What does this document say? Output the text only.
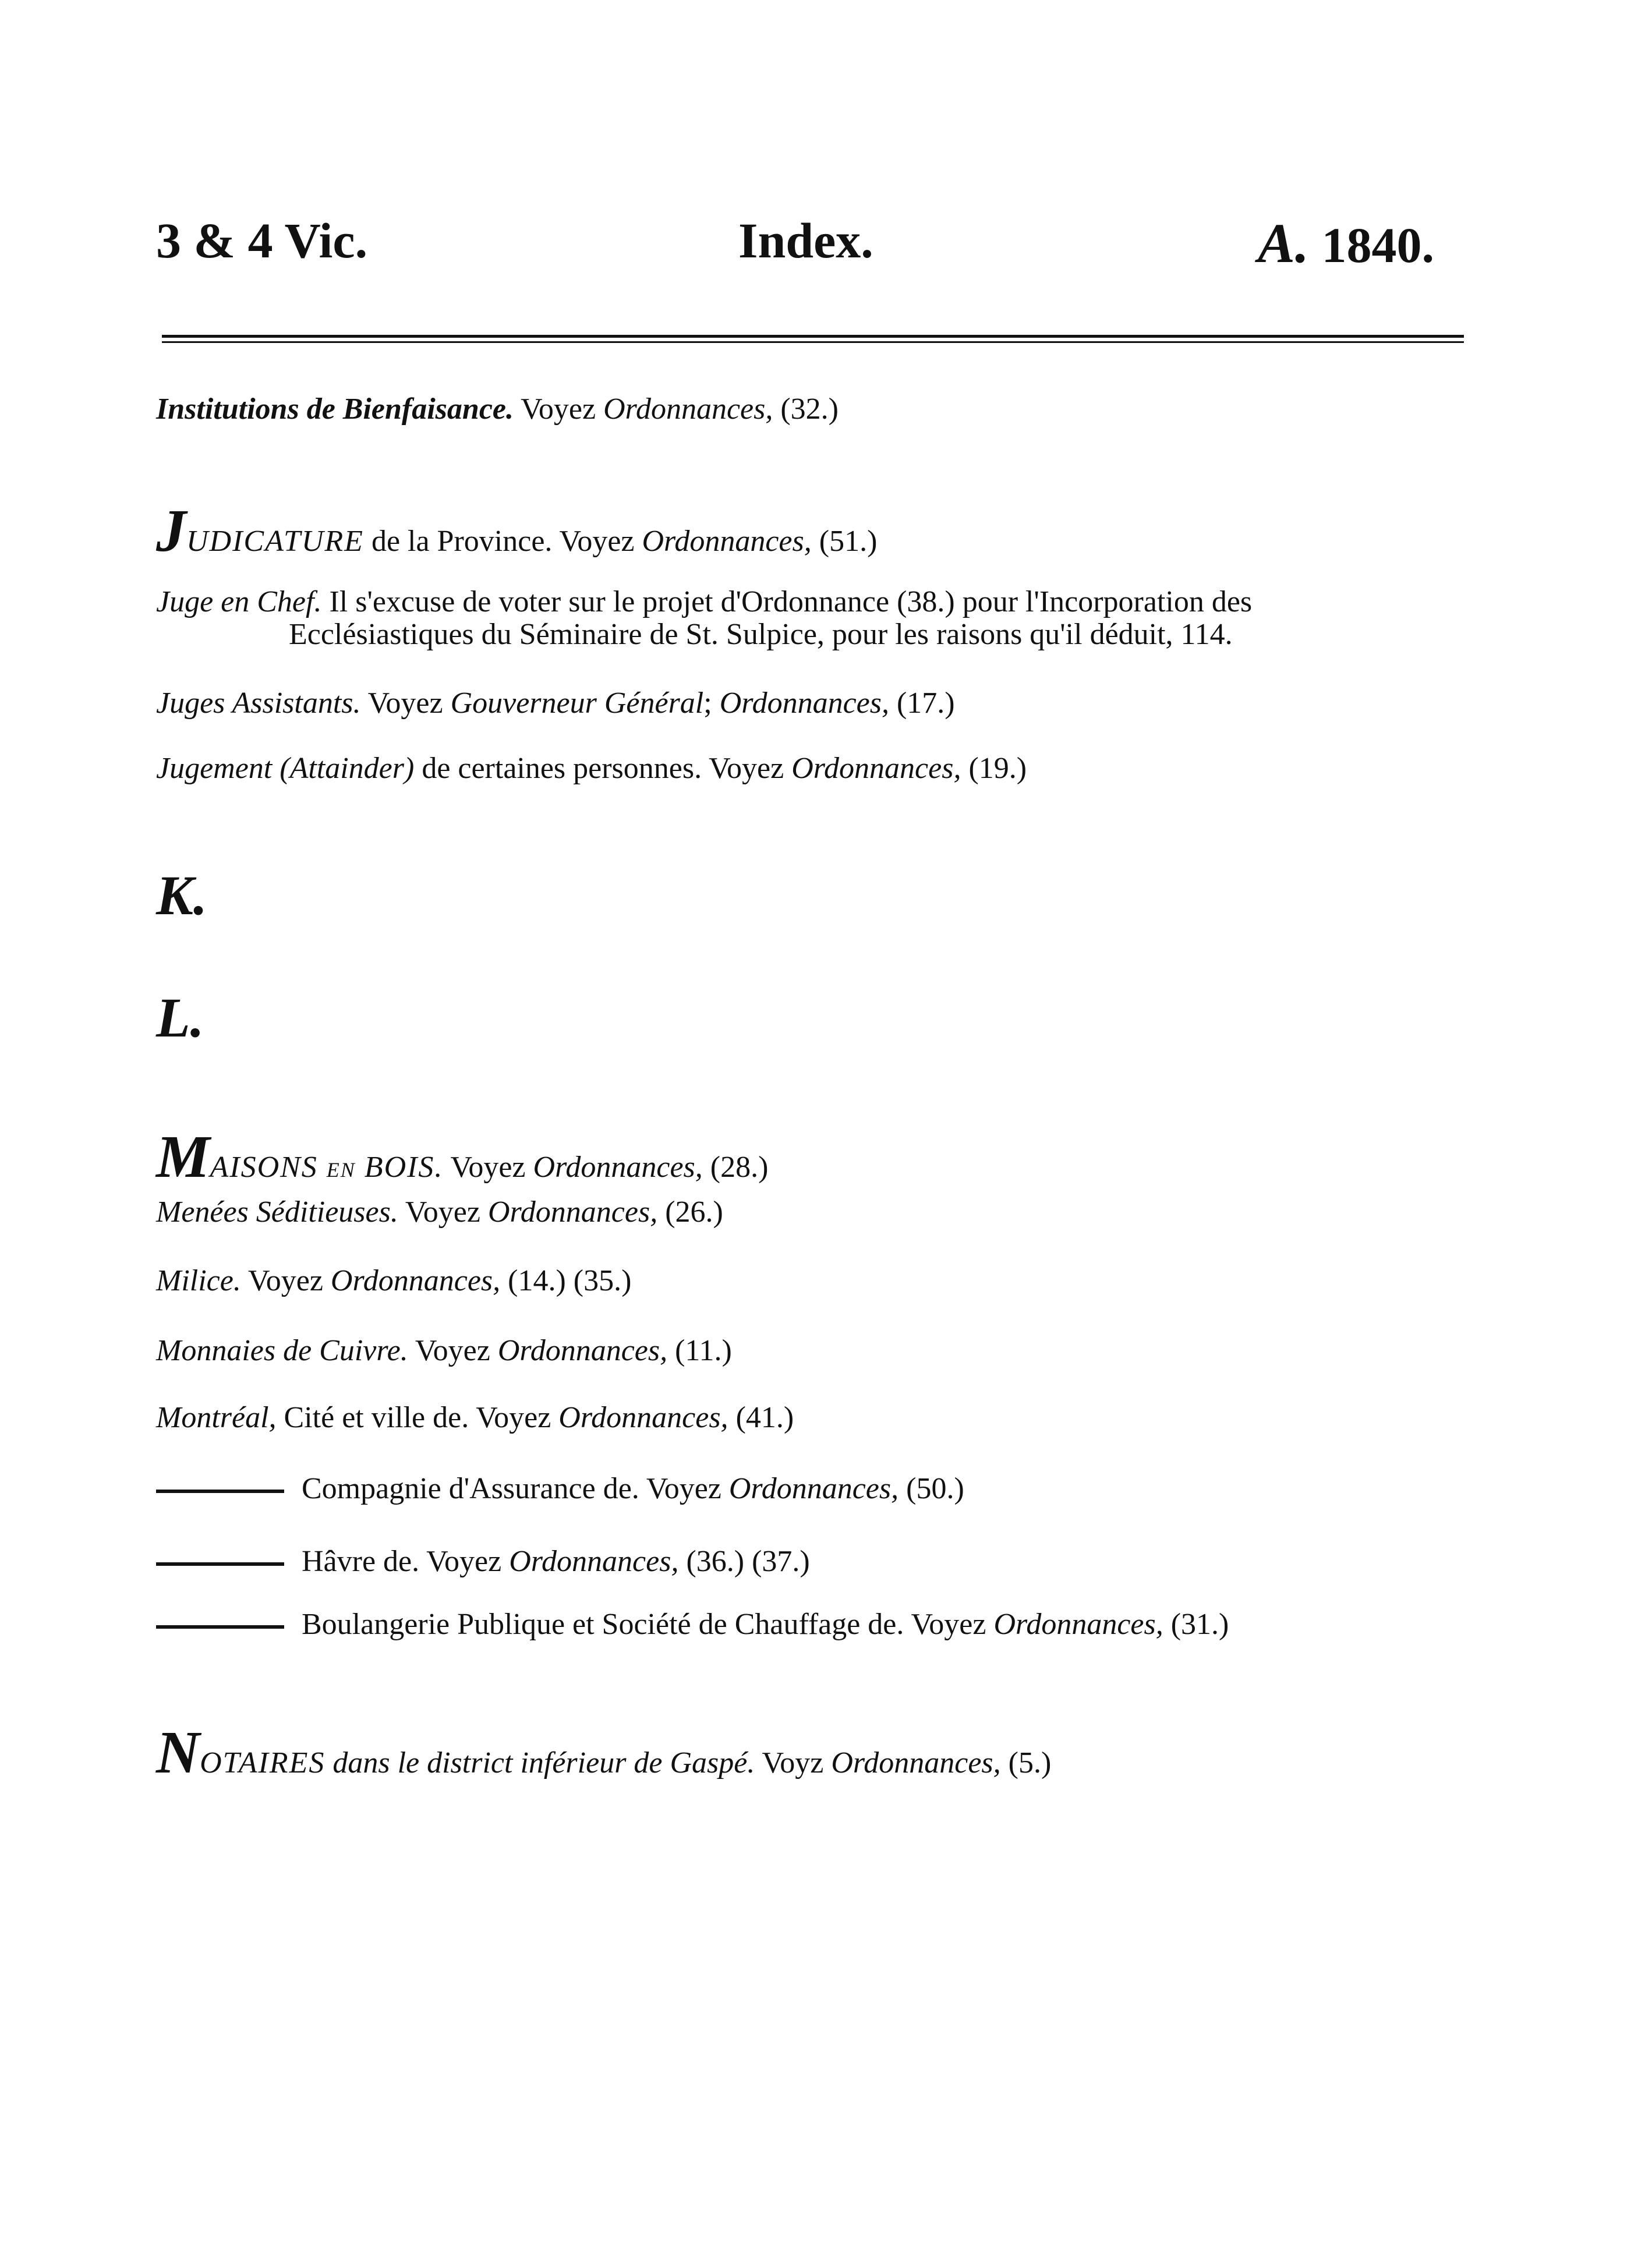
3 & 4 Vic.	Index.	A. 1840.
Institutions de Bienfaisance. Voyez Ordonnances, (32.)
JUDICATURE de la Province. Voyez Ordonnances, (51.)
Juge en Chef. Il s'excuse de voter sur le projet d'Ordonnance (38.) pour l'Incorporation des
Ecclésiastiques du Séminaire de St. Sulpice, pour les raisons qu'il déduit, 114.
Juges Assistants. Voyez Gouverneur Général; Ordonnances, (17.)
Jugement (Attainder) de certaines personnes. Voyez Ordonnances, (19.)
K.
L.
MAISONS en BOIS. Voyez Ordonnances, (28.)
Menées Séditieuses. Voyez Ordonnances, (26.)
Milice. Voyez Ordonnances, (14.) (35.)
Monnaies de Cuivre. Voyez Ordonnances, (11.)
Montréal, Cité et ville de. Voyez Ordonnances, (41.)
Compagnie d'Assurance de. Voyez Ordonnances, (50.)
Hâvre de. Voyez Ordonnances, (36.) (37.)
Boulangerie Publique et Société de Chauffage de. Voyez Ordonnances, (31.)
NOTAIRES dans le district inférieur de Gaspé. Voyz Ordonnances, (5.)
